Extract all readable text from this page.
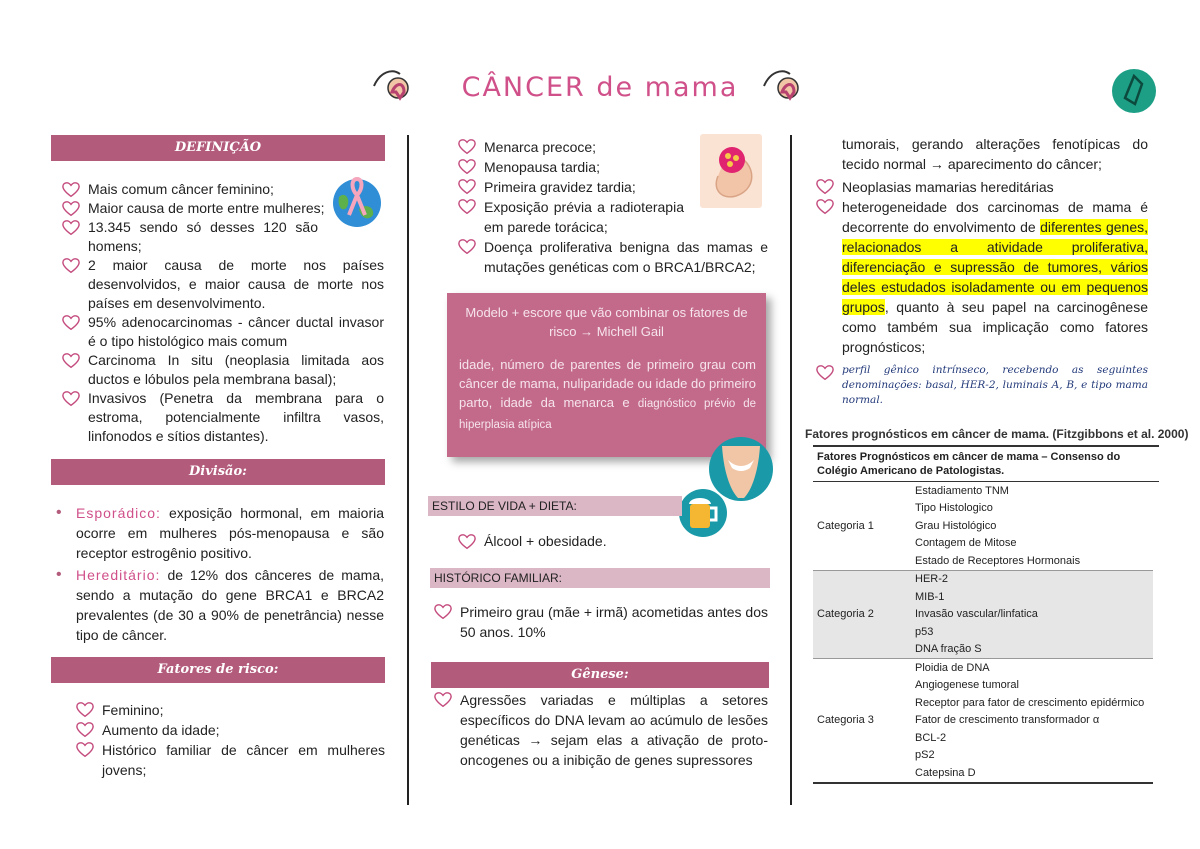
CÂNCER de mama
DEFINIÇÃO
Mais comum câncer feminino;
Maior causa de morte entre mulheres;
13.345 sendo só desses 120 são homens;
2 maior causa de morte nos países desenvolvidos, e maior causa de morte nos países em desenvolvimento.
95% adenocarcinomas - câncer ductal invasor é o tipo histológico mais comum
Carcinoma In situ (neoplasia limitada aos ductos e lóbulos pela membrana basal);
Invasivos (Penetra da membrana para o estroma, potencialmente infiltra vasos, linfonodos e sítios distantes).
Divisão:
• Esporádico: exposição hormonal, em maioria ocorre em mulheres pós-menopausa e são receptor estrogênio positivo.
• Hereditário: de 12% dos cânceres de mama, sendo a mutação do gene BRCA1 e BRCA2 prevalentes (de 30 a 90% de penetrância) nesse tipo de câncer.
Fatores de risco:
Feminino;
Aumento da idade;
Histórico familiar de câncer em mulheres jovens;
Menarca precoce;
Menopausa tardia;
Primeira gravidez tardia;
Exposição prévia a radioterapia em parede torácica;
Doença proliferativa benigna das mamas e mutações genéticas com o BRCA1/BRCA2;
Modelo + escore que vão combinar os fatores de risco → Michell Gail
idade, número de parentes de primeiro grau com câncer de mama, nuliparidade ou idade do primeiro parto, idade da menarca e diagnóstico prévio de hiperplasia atípica
ESTILO DE VIDA + DIETA:
Álcool + obesidade.
HISTÓRICO FAMILIAR:
Primeiro grau (mãe + irmã) acometidas antes dos 50 anos. 10%
Gênese:
Agressões variadas e múltiplas a setores específicos do DNA levam ao acúmulo de lesões genéticas → sejam elas a ativação de proto-oncogenes ou a inibição de genes supressores
tumorais, gerando alterações fenotípicas do tecido normal → aparecimento do câncer;
Neoplasias mamarias hereditárias
heterogeneidade dos carcinomas de mama é decorrente do envolvimento de diferentes genes, relacionados a atividade proliferativa, diferenciação e supressão de tumores, vários deles estudados isoladamente ou em pequenos grupos, quanto à seu papel na carcinogênese como também sua implicação como fatores prognósticos;
perfil gênico intrínseco, recebendo as seguintes denominações: basal, HER-2, luminais A, B, e tipo mama normal.
Fatores prognósticos em câncer de mama. (Fitzgibbons et al. 2000)
Fatores Prognósticos em câncer de mama – Consenso do Colégio Americano de Patologistas.
Categoria 1	Estadiamento TNM
	Tipo Histologico
	Grau Histológico
	Contagem de Mitose
	Estado de Receptores Hormonais
Categoria 2	HER-2
	MIB-1
	Invasão vascular/linfatica
	p53
	DNA fração S
Categoria 3	Ploidia de DNA
	Angiogenese tumoral
	Receptor para fator de crescimento epidérmico
	Fator de crescimento transformador α
	BCL-2
	pS2
	Catepsina D
